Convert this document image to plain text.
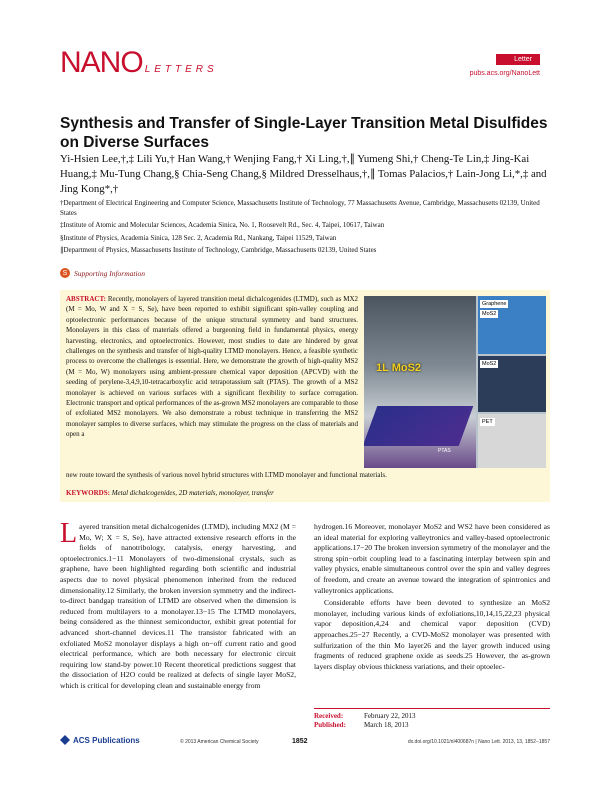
NANO LETTERS
Letter
pubs.acs.org/NanoLett
Synthesis and Transfer of Single-Layer Transition Metal Disulfides on Diverse Surfaces
Yi-Hsien Lee,†,‡ Lili Yu,† Han Wang,† Wenjing Fang,† Xi Ling,†,∥ Yumeng Shi,† Cheng-Te Lin,‡ Jing-Kai Huang,‡ Mu-Tung Chang,§ Chia-Seng Chang,§ Mildred Dresselhaus,†,∥ Tomas Palacios,† Lain-Jong Li,*,‡ and Jing Kong*,†
†Department of Electrical Engineering and Computer Science, Massachusetts Institute of Technology, 77 Massachusetts Avenue, Cambridge, Massachusetts 02139, United States
‡Institute of Atomic and Molecular Sciences, Academia Sinica, No. 1, Roosevelt Rd., Sec. 4, Taipei, 10617, Taiwan
§Institute of Physics, Academia Sinica, 128 Sec. 2, Academia Rd., Nankang, Taipei 11529, Taiwan
∥Department of Physics, Massachusetts Institute of Technology, Cambridge, Massachusetts 02139, United States
S Supporting Information
ABSTRACT: Recently, monolayers of layered transition metal dichalcogenides (LTMD), such as MX2 (M = Mo, W and X = S, Se), have been reported to exhibit significant spin-valley coupling and optoelectronic performances because of the unique structural symmetry and band structures. Monolayers in this class of materials offered a burgeoning field in fundamental physics, energy harvesting, electronics, and optoelectronics. However, most studies to date are hindered by great challenges on the synthesis and transfer of high-quality LTMD monolayers. Hence, a feasible synthetic process to overcome the challenges is essential. Here, we demonstrate the growth of high-quality MS2 (M = Mo, W) monolayers using ambient-pressure chemical vapor deposition (APCVD) with the seeding of perylene-3,4,9,10-tetracarboxylic acid tetrapotassium salt (PTAS). The growth of a MS2 monolayer is achieved on various surfaces with a significant flexibility to surface corrugation. Electronic transport and optical performances of the as-grown MS2 monolayers are comparable to those of exfoliated MS2 monolayers. We also demonstrate a robust technique in transferring the MS2 monolayer samples to diverse surfaces, which may stimulate the progress on the class of materials and open a
1L MoS2
PTAS
Graphene
MoS2
MoS2
PET
new route toward the synthesis of various novel hybrid structures with LTMD monolayer and functional materials.
KEYWORDS: Metal dichalcogenides, 2D materials, monolayer, transfer
L ayered transition metal dichalcogenides (LTMD), including MX2 (M = Mo, W; X = S, Se), have attracted extensive research efforts in the fields of nanotribology, catalysis, energy harvesting, and optoelectronics.1−11 Monolayers of two-dimensional crystals, such as graphene, have been highlighted regarding both scientific and industrial aspects due to novel physical phenomenon inherited from the reduced dimensionality.12 Similarly, the broken inversion symmetry and the indirect-to-direct bandgap transition of LTMD are observed when the dimension is reduced from multilayers to a monolayer.13−15 The LTMD monolayers, being considered as the thinnest semiconductor, exhibit great potential for advanced short-channel devices.11 The transistor fabricated with an exfoliated MoS2 monolayer displays a high on−off current ratio and good electrical performance, which are both necessary for electronic circuit requiring low stand-by power.10 Recent theoretical predictions suggest that the dissociation of H2O could be realized at defects of single layer MoS2, which is critical for developing clean and sustainable energy from

hydrogen.16 Moreover, monolayer MoS2 and WS2 have been considered as an ideal material for exploring valleytronics and valley-based optoelectronic applications.17−20 The broken inversion symmetry of the monolayer and the strong spin−orbit coupling lead to a fascinating interplay between spin and valley physics, enable simultaneous control over the spin and valley degrees of freedom, and create an avenue toward the integration of spintronics and valleytronics applications.

Considerable efforts have been devoted to synthesize an MoS2 monolayer, including various kinds of exfoliations,10,14,15,22,23 physical vapor deposition,4,24 and chemical vapor deposition (CVD) approaches.25−27 Recently, a CVD-MoS2 monolayer was presented with sulfurization of the thin Mo layer26 and the layer growth induced using fragments of reduced graphene oxide as seeds.25 However, the as-grown layers display obvious thickness variations, and their optoelec-

Received:	February 22, 2013
Published:	March 18, 2013
ACS Publications	© 2013 American Chemical Society	1852	dx.doi.org/10.1021/nl400687n | Nano Lett. 2013, 13, 1852−1857
